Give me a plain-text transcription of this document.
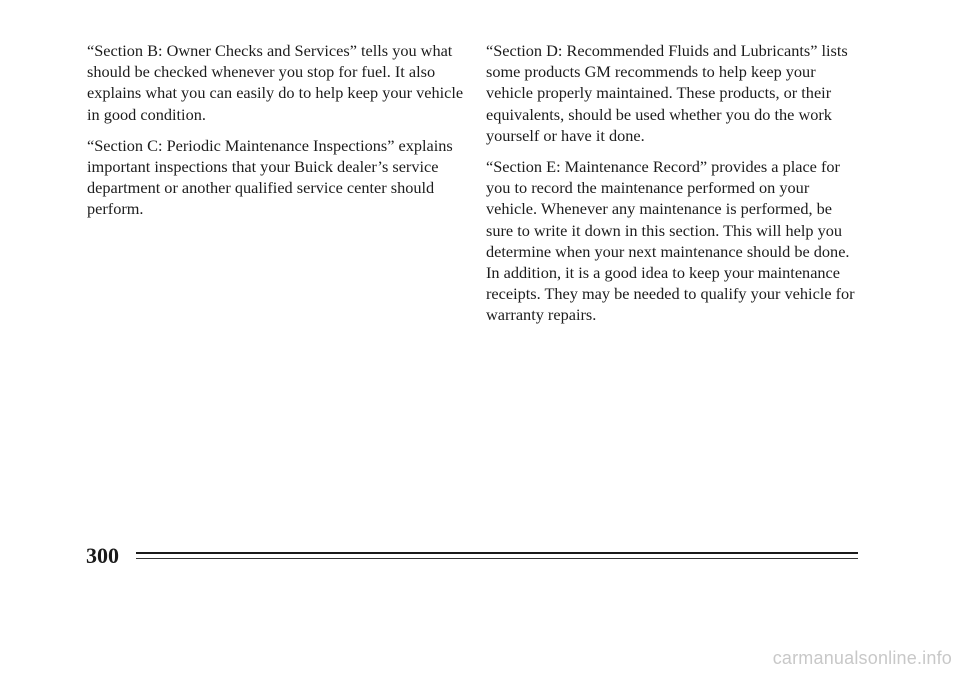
“Section B: Owner Checks and Services” tells you what should be checked whenever you stop for fuel. It also explains what you can easily do to help keep your vehicle in good condition.

“Section C: Periodic Maintenance Inspections” explains important inspections that your Buick dealer’s service department or another qualified service center should perform.

“Section D: Recommended Fluids and Lubricants” lists some products GM recommends to help keep your vehicle properly maintained. These products, or their equivalents, should be used whether you do the work yourself or have it done.

“Section E: Maintenance Record” provides a place for you to record the maintenance performed on your vehicle. Whenever any maintenance is performed, be sure to write it down in this section. This will help you determine when your next maintenance should be done. In addition, it is a good idea to keep your maintenance receipts. They may be needed to qualify your vehicle for warranty repairs.

300
carmanualsonline.info
